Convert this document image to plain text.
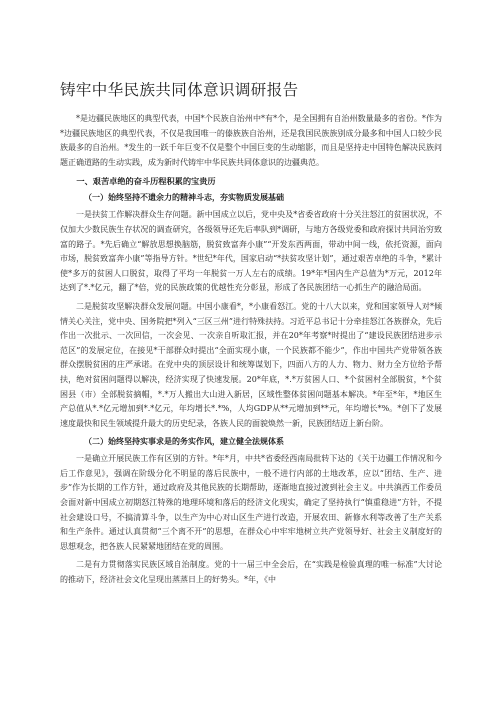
铸牢中华民族共同体意识调研报告

*是边疆民族地区的典型代表，中国*个民族自治州中*有*个，是全国拥有自治州数量最多的省份。*作为*边疆民族地区的典型代表，不仅是我国唯一的傣族族自治州，还是我国民族族别成分最多和中国人口较少民族最多的自治州。*发生的一跃千年巨变不仅是整个中国巨变的生动缩影，而且是坚持走中国特色解决民族问题正确道路的生动实践，成为新时代铸牢中华民族共同体意识的边疆典范。

一、艰苦卓绝的奋斗历程积累的宝贵历
（一）始终坚持不遗余力的精神斗志，夯实物质发展基础

一是扶贫工作解决群众生存问题。新中国成立以后，党中央及*省委省政府十分关注怒江的贫困状况，不仅加大少数民族生存状况的调查研究，各级领导还先后率队到*调研，与地方各级党委和政府探讨共同治穷致富的路子。*先后确立“解放思想换脑筋，脱贫致富奔小康”“开发东西两面，带动中间一线，依托资源，面向市场，脱贫致富奔小康”等指导方针。*世纪*年代，国家启动“*扶贫攻坚计划”，通过艰苦卓绝的斗争，*累计使*多万的贫困人口脱贫，取得了平均一年脱贫一万人左右的成绩。19*年*国内生产总值为*万元，2012年达到了*.*亿元，翻了*倍，党的民族政策的优越性充分彰显，形成了各民族团结一心抓生产的融洽局面。

二是脱贫攻坚解决群众发展问题。中国小康看*，*小康看怒江。党的十八大以来，党和国家领导人对*倾情关心关注，党中央、国务院把*列入“三区三州”进行特殊扶持。习近平总书记十分牵挂怒江各族群众，先后作出一次批示、一次回信，一次会见、一次亲自听取汇报，并在20*年考察*时提出了“建设民族团结进步示范区”的发展定位，在接见*干部群众时提出“全面实现小康，一个民族都不能少”，作出中国共产党带领各族群众摆脱贫困的庄严承诺。在党中央的顶层设计和统筹谋划下，四面八方的人力、物力、财力全方位给予帮扶，绝对贫困问题得以解决，经济实现了快速发展。20*年底，*.*万贫困人口、*个贫困村全部脱贫，*个贫困县（市）全部脱贫摘帽，*.*万人搬出大山进入新居，区域性整体贫困问题基本解决。*年至*年，*地区生产总值从*.*亿元增加到*.*亿元，年均增长*.*%，人均GDP从**元增加到**元，年均增长*%。*创下了发展速度最快和民生领域提升最大的历史纪录，各族人民的面貌焕然一新，民族团结迈上新台阶。

（二）始终坚持实事求是的务实作风，建立健全法规体系

一是确立开展民族工作有区别的方针。*年*月，中共*省委经西南局批转下达的《关于边疆工作情况和今后工作意见》，强调在阶级分化不明显的落后民族中，一般不进行内部的土地改革，应以“团结、生产、进步”作为长期的工作方针，通过政府及其他民族的长期帮助，逐渐地直接过渡到社会主义。中共滇西工作委员会面对新中国成立初期怒江特殊的地理环境和落后的经济文化现实，确定了坚持执行“慎重稳进”方针，不提社会建设口号，不搞清算斗争，以生产为中心对山区生产进行改造，开展农田、新修水利等改善了生产关系和生产条件。通过认真贯彻“三个离不开”的思想，在群众心中牢牢地树立共产党领导好、社会主义制度好的思想观念，把各族人民紧紧地团结在党的周围。

二是有力贯彻落实民族区域自治制度。党的十一届三中全会后，在“实践是检验真理的唯一标准”大讨论的推动下，经济社会文化呈现出蒸蒸日上的好势头。*年，《中
